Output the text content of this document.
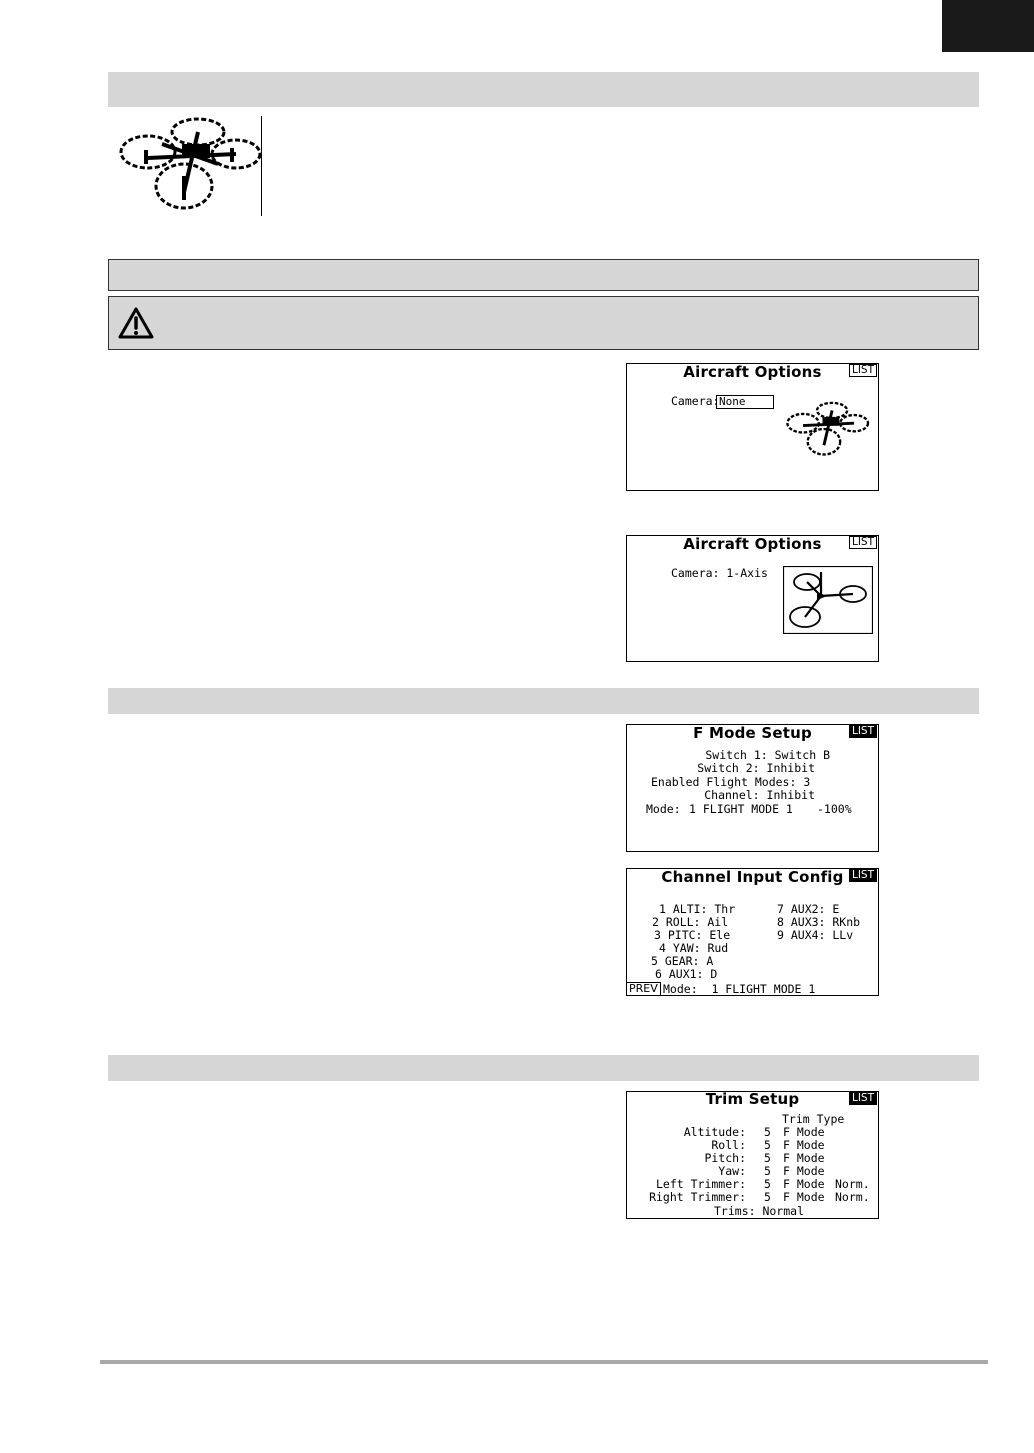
Aircraft Options	LIST
Camera: None
Aircraft Options	LIST
Camera: 1-Axis
F Mode Setup	LIST
Switch 1: Switch B
Switch 2: Inhibit
Enabled Flight Modes: 3
Channel: Inhibit
Mode: 1 FLIGHT MODE 1 -100%
Channel Input Config LIST
1 ALTI: Thr
2 ROLL: Ail
3 PITC: Ele
4 YAW: Rud
5 GEAR: A
6 AUX1: D
7 AUX2: E
8 AUX3: RKnb
9 AUX4: LLv
PREV Mode:  1 FLIGHT MODE 1
Trim Setup	LIST
Trim Type
Altitude: 5 F Mode
Roll: 5 F Mode
Pitch: 5 F Mode
Yaw: 5 F Mode
Left Trimmer: 5 F Mode Norm.
Right Trimmer: 5 F Mode Norm.
Trims: Normal
